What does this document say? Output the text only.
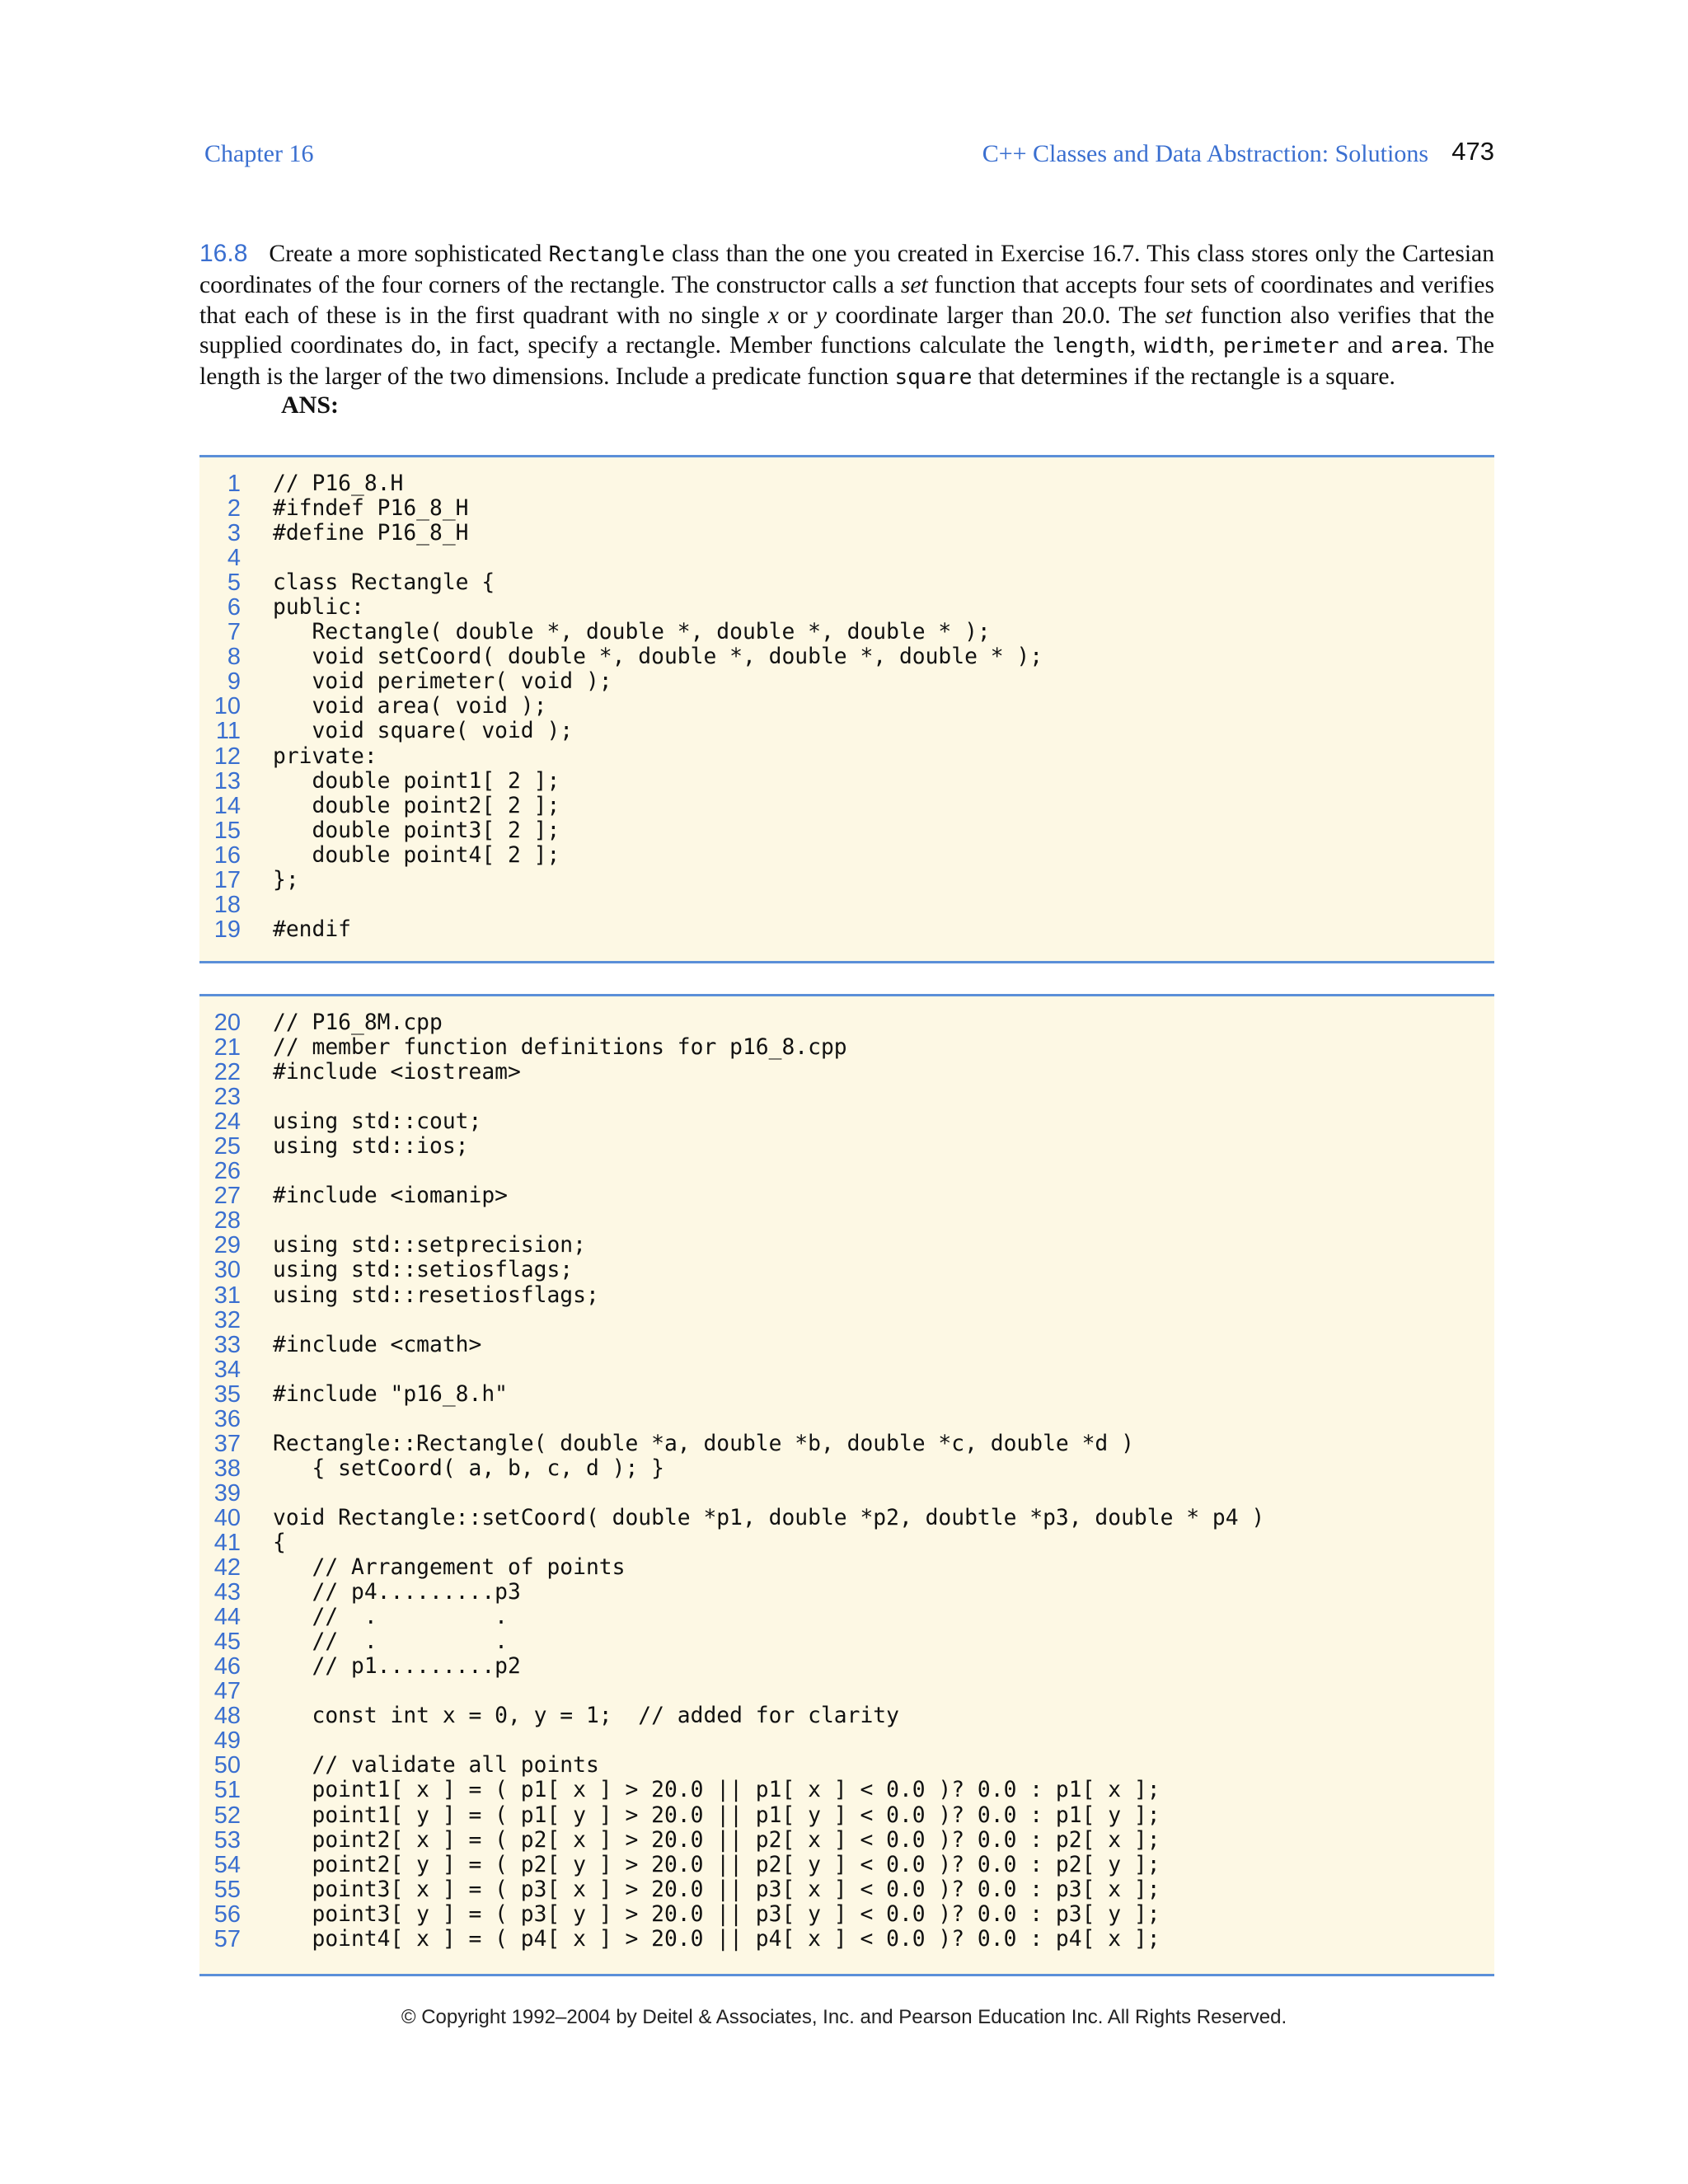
Chapter 16	C++ Classes and Data Abstraction: Solutions 473
16.8 Create a more sophisticated Rectangle class than the one you created in Exercise 16.7. This class stores only the Cartesian coordinates of the four corners of the rectangle. The constructor calls a set function that accepts four sets of coordinates and verifies that each of these is in the first quadrant with no single x or y coordinate larger than 20.0. The set function also verifies that the supplied coordinates do, in fact, specify a rectangle. Member functions calculate the length, width, perimeter and area. The length is the larger of the two dimensions. Include a predicate function square that determines if the rectangle is a square.
ANS:
1 // P16_8.H
2 #ifndef P16_8_H
3 #define P16_8_H
4
5 class Rectangle {
6 public:
7 Rectangle( double *, double *, double *, double * );
8 void setCoord( double *, double *, double *, double * );
9 void perimeter( void );
10 void area( void );
11 void square( void );
12 private:
13 double point1[ 2 ];
14 double point2[ 2 ];
15 double point3[ 2 ];
16 double point4[ 2 ];
17 };
18
19 #endif
20 // P16_8M.cpp
21 // member function definitions for p16_8.cpp
22 #include <iostream>
23
24 using std::cout;
25 using std::ios;
26
27 #include <iomanip>
28
29 using std::setprecision;
30 using std::setiosflags;
31 using std::resetiosflags;
32
33 #include <cmath>
34
35 #include "p16_8.h"
36
37 Rectangle::Rectangle( double *a, double *b, double *c, double *d )
38 { setCoord( a, b, c, d ); }
39
40 void Rectangle::setCoord( double *p1, double *p2, doubtle *p3, double * p4 )
41 {
42 // Arrangement of points
43 // p4.........p3
44 //  .         .
45 //  .         .
46 // p1.........p2
47
48 const int x = 0, y = 1;  // added for clarity
49
50 // validate all points
51 point1[ x ] = ( p1[ x ] > 20.0 || p1[ x ] < 0.0 )? 0.0 : p1[ x ];
52 point1[ y ] = ( p1[ y ] > 20.0 || p1[ y ] < 0.0 )? 0.0 : p1[ y ];
53 point2[ x ] = ( p2[ x ] > 20.0 || p2[ x ] < 0.0 )? 0.0 : p2[ x ];
54 point2[ y ] = ( p2[ y ] > 20.0 || p2[ y ] < 0.0 )? 0.0 : p2[ y ];
55 point3[ x ] = ( p3[ x ] > 20.0 || p3[ x ] < 0.0 )? 0.0 : p3[ x ];
56 point3[ y ] = ( p3[ y ] > 20.0 || p3[ y ] < 0.0 )? 0.0 : p3[ y ];
57 point4[ x ] = ( p4[ x ] > 20.0 || p4[ x ] < 0.0 )? 0.0 : p4[ x ];
© Copyright 1992–2004 by Deitel & Associates, Inc. and Pearson Education Inc. All Rights Reserved.
